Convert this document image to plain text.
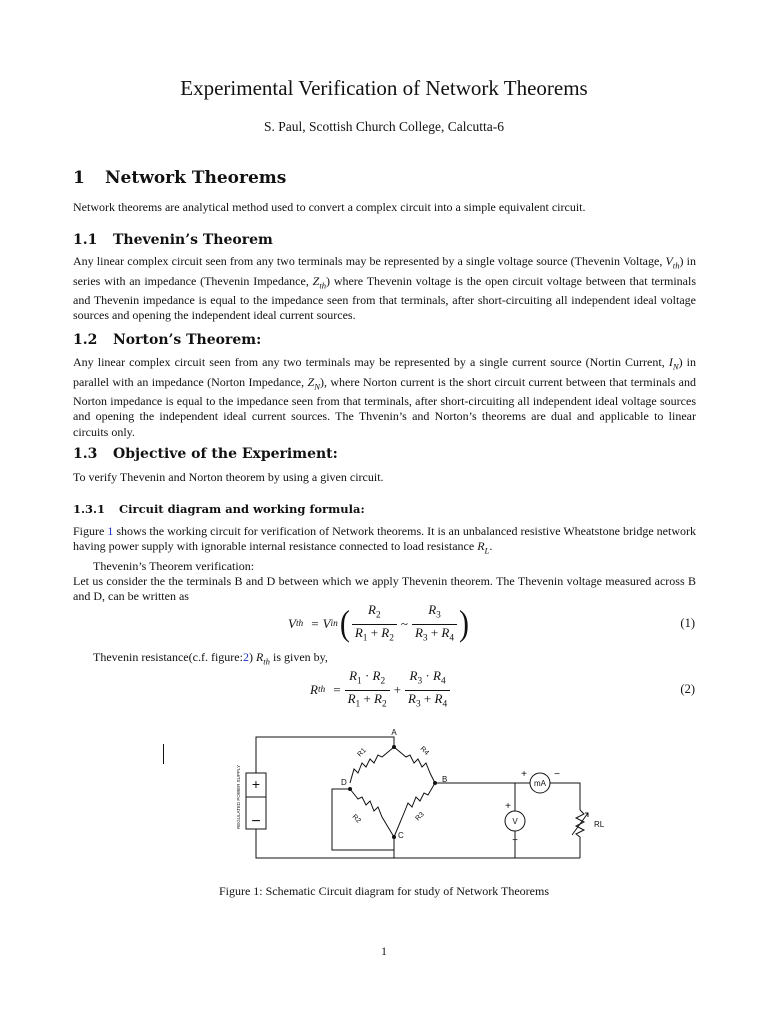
Experimental Verification of Network Theorems
S. Paul, Scottish Church College, Calcutta-6
1 Network Theorems

Network theorems are analytical method used to convert a complex circuit into a simple equivalent circuit.

1.1 Thevenin’s Theorem

Any linear complex circuit seen from any two terminals may be represented by a single voltage source (Thevenin Voltage, $V_{th}$) in series with an impedance (Thevenin Impedance, $Z_{th}$) where Thevenin voltage is the open circuit voltage between that terminals and Thevenin impedance is equal to the impedance seen from that terminals, after short-circuiting all independent ideal voltage sources and opening the independent ideal current sources.

1.2 Norton’s Theorem:

Any linear complex circuit seen from any two terminals may be represented by a single current source (Nortin Current, $I_N$) in parallel with an impedance (Norton Impedance, $Z_N$), where Norton current is the short circuit current between that terminals and Norton impedance is equal to the impedance seen from that terminals, after short-circuiting all independent ideal voltage sources and opening the independent ideal current sources. The Thvenin’s and Norton’s theorems are dual and applicable to linear circuits only.

1.3 Objective of the Experiment:

To verify Thevenin and Norton theorem by using a given circuit.

1.3.1 Circuit diagram and working formula:

Figure 1 shows the working circuit for verification of Network theorems. It is an unbalanced resistive Wheatstone bridge network having power supply with ignorable internal resistance connected to load resistance $R_L$.

Thevenin’s Theorem verification:

Let us consider the the terminals B and D between which we apply Thevenin theorem. The Thevenin voltage measured across B and D, can be written as

V th = V in ( $\frac{R_2}{R_1 + R_2}$ ~ $\frac{R_3}{R_3 + R_4}$ )	(1)

Thevenin resistance(c.f. figure:2) $R_{th}$ is given by,

R th = $\frac{R_1 \cdot R_2}{R_1 + R_2} + \frac{R_3 \cdot R_4}{R_3 + R_4}$	(2)
+
−
REGULATED POWER SUPPLY	mA
+	−
V
+
−
A
B
C
D
R1	R4
R2	R3
RL
Figure 1: Schematic Circuit diagram for study of Network Theorems
1
